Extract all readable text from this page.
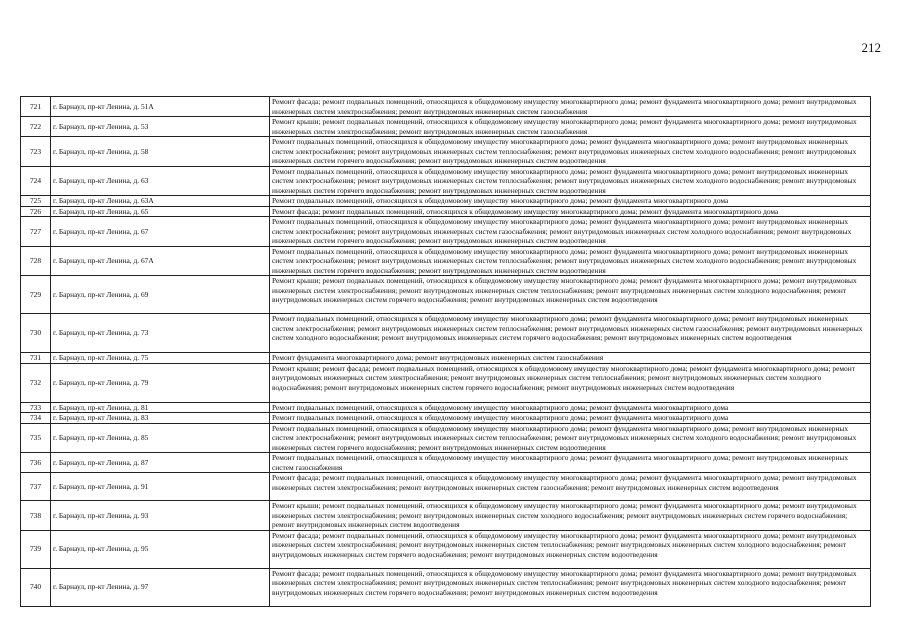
212
721	г. Барнаул, пр-кт Ленина, д. 51А	Ремонт фасада; ремонт подвальных помещений, относящихся к общедомовому имуществу многоквартирного дома; ремонт фундамента многоквартирного дома; ремонт внутридомовых инженерных систем электроснабжения; ремонт внутридомовых инженерных систем газоснабжения
722	г. Барнаул, пр-кт Ленина, д. 53	Ремонт крыши; ремонт подвальных помещений, относящихся к общедомовому имуществу многоквартирного дома; ремонт фундамента многоквартирного дома; ремонт внутридомовых инженерных систем электроснабжения; ремонт внутридомовых инженерных систем газоснабжения
723	г. Барнаул, пр-кт Ленина, д. 58	Ремонт подвальных помещений, относящихся к общедомовому имуществу многоквартирного дома; ремонт фундамента многоквартирного дома; ремонт внутридомовых инженерных систем электроснабжения; ремонт внутридомовых инженерных систем теплоснабжения; ремонт внутридомовых инженерных систем холодного водоснабжения; ремонт внутридомовых инженерных систем горячего водоснабжения; ремонт внутридомовых инженерных систем водоотведения
724	г. Барнаул, пр-кт Ленина, д. 63	Ремонт подвальных помещений, относящихся к общедомовому имуществу многоквартирного дома; ремонт фундамента многоквартирного дома; ремонт внутридомовых инженерных систем электроснабжения; ремонт внутридомовых инженерных систем теплоснабжения; ремонт внутридомовых инженерных систем холодного водоснабжения; ремонт внутридомовых инженерных систем горячего водоснабжения; ремонт внутридомовых инженерных систем водоотведения
725	г. Барнаул, пр-кт Ленина, д. 63А	Ремонт подвальных помещений, относящихся к общедомовому имуществу многоквартирного дома; ремонт фундамента многоквартирного дома
726	г. Барнаул, пр-кт Ленина, д. 65	Ремонт фасада; ремонт подвальных помещений, относящихся к общедомовому имуществу многоквартирного дома; ремонт фундамента многоквартирного дома
727	г. Барнаул, пр-кт Ленина, д. 67	Ремонт подвальных помещений, относящихся к общедомовому имуществу многоквартирного дома; ремонт фундамента многоквартирного дома; ремонт внутридомовых инженерных систем электроснабжения; ремонт внутридомовых инженерных систем газоснабжения; ремонт внутридомовых инженерных систем холодного водоснабжения; ремонт внутридомовых инженерных систем горячего водоснабжения; ремонт внутридомовых инженерных систем водоотведения
728	г. Барнаул, пр-кт Ленина, д. 67А	Ремонт подвальных помещений, относящихся к общедомовому имуществу многоквартирного дома; ремонт фундамента многоквартирного дома; ремонт внутридомовых инженерных систем электроснабжения; ремонт внутридомовых инженерных систем теплоснабжения; ремонт внутридомовых инженерных систем холодного водоснабжения; ремонт внутридомовых инженерных систем горячего водоснабжения; ремонт внутридомовых инженерных систем водоотведения
729	г. Барнаул, пр-кт Ленина, д. 69	Ремонт крыши; ремонт подвальных помещений, относящихся к общедомовому имуществу многоквартирного дома; ремонт фундамента многоквартирного дома; ремонт внутридомовых инженерных систем электроснабжения; ремонт внутридомовых инженерных систем теплоснабжения; ремонт внутридомовых инженерных систем холодного водоснабжения; ремонт внутридомовых инженерных систем горячего водоснабжения; ремонт внутридомовых инженерных систем водоотведения
730	г. Барнаул, пр-кт Ленина, д. 73	Ремонт подвальных помещений, относящихся к общедомовому имуществу многоквартирного дома; ремонт фундамента многоквартирного дома; ремонт внутридомовых инженерных систем электроснабжения; ремонт внутридомовых инженерных систем теплоснабжения; ремонт внутридомовых инженерных систем газоснабжения; ремонт внутридомовых инженерных систем холодного водоснабжения; ремонт внутридомовых инженерных систем горячего водоснабжения; ремонт внутридомовых инженерных систем водоотведения
731	г. Барнаул, пр-кт Ленина, д. 75	Ремонт фундамента многоквартирного дома; ремонт внутридомовых инженерных систем газоснабжения
732	г. Барнаул, пр-кт Ленина, д. 79	Ремонт крыши; ремонт фасада; ремонт подвальных помещений, относящихся к общедомовому имуществу многоквартирного дома; ремонт фундамента многоквартирного дома; ремонт внутридомовых инженерных систем электроснабжения; ремонт внутридомовых инженерных систем теплоснабжения; ремонт внутридомовых инженерных систем холодного водоснабжения; ремонт внутридомовых инженерных систем горячего водоснабжения; ремонт внутридомовых инженерных систем водоотведения
733	г. Барнаул, пр-кт Ленина, д. 81	Ремонт подвальных помещений, относящихся к общедомовому имуществу многоквартирного дома; ремонт фундамента многоквартирного дома
734	г. Барнаул, пр-кт Ленина, д. 83	Ремонт подвальных помещений, относящихся к общедомовому имуществу многоквартирного дома; ремонт фундамента многоквартирного дома
735	г. Барнаул, пр-кт Ленина, д. 85	Ремонт подвальных помещений, относящихся к общедомовому имуществу многоквартирного дома; ремонт фундамента многоквартирного дома; ремонт внутридомовых инженерных систем электроснабжения; ремонт внутридомовых инженерных систем теплоснабжения; ремонт внутридомовых инженерных систем холодного водоснабжения; ремонт внутридомовых инженерных систем горячего водоснабжения; ремонт внутридомовых инженерных систем водоотведения
736	г. Барнаул, пр-кт Ленина, д. 87	Ремонт подвальных помещений, относящихся к общедомовому имуществу многоквартирного дома; ремонт фундамента многоквартирного дома; ремонт внутридомовых инженерных систем газоснабжения
737	г. Барнаул, пр-кт Ленина, д. 91	Ремонт фасада; ремонт подвальных помещений, относящихся к общедомовому имуществу многоквартирного дома; ремонт фундамента многоквартирного дома; ремонт внутридомовых инженерных систем электроснабжения; ремонт внутридомовых инженерных систем газоснабжения; ремонт внутридомовых инженерных систем водоотведения
738	г. Барнаул, пр-кт Ленина, д. 93	Ремонт крыши; ремонт подвальных помещений, относящихся к общедомовому имуществу многоквартирного дома; ремонт фундамента многоквартирного дома; ремонт внутридомовых инженерных систем электроснабжения; ремонт внутридомовых инженерных систем холодного водоснабжения; ремонт внутридомовых инженерных систем горячего водоснабжения; ремонт внутридомовых инженерных систем водоотведения
739	г. Барнаул, пр-кт Ленина, д. 95	Ремонт фасада; ремонт подвальных помещений, относящихся к общедомовому имуществу многоквартирного дома; ремонт фундамента многоквартирного дома; ремонт внутридомовых инженерных систем электроснабжения; ремонт внутридомовых инженерных систем теплоснабжения; ремонт внутридомовых инженерных систем холодного водоснабжения; ремонт внутридомовых инженерных систем горячего водоснабжения; ремонт внутридомовых инженерных систем водоотведения
740	г. Барнаул, пр-кт Ленина, д. 97	Ремонт фасада; ремонт подвальных помещений, относящихся к общедомовому имуществу многоквартирного дома; ремонт фундамента многоквартирного дома; ремонт внутридомовых инженерных систем электроснабжения; ремонт внутридомовых инженерных систем теплоснабжения; ремонт внутридомовых инженерных систем холодного водоснабжения; ремонт внутридомовых инженерных систем горячего водоснабжения; ремонт внутридомовых инженерных систем водоотведения
